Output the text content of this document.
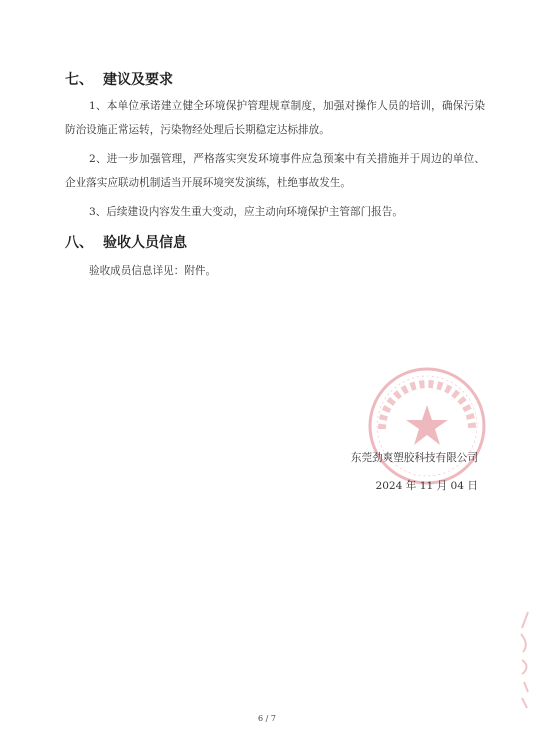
七、 建议及要求
1、本单位承诺建立健全环境保护管理规章制度，加强对操作人员的培训，确保污染防治设施正常运转，污染物经处理后长期稳定达标排放。
2、进一步加强管理，严格落实突发环境事件应急预案中有关措施并于周边的单位、企业落实应联动机制适当开展环境突发演练，杜绝事故发生。
3、后续建设内容发生重大变动，应主动向环境保护主管部门报告。
八、 验收人员信息
验收成员信息详见：附件。
东莞劲爽塑胶科技有限公司
2024 年 11 月 04 日
6 / 7
